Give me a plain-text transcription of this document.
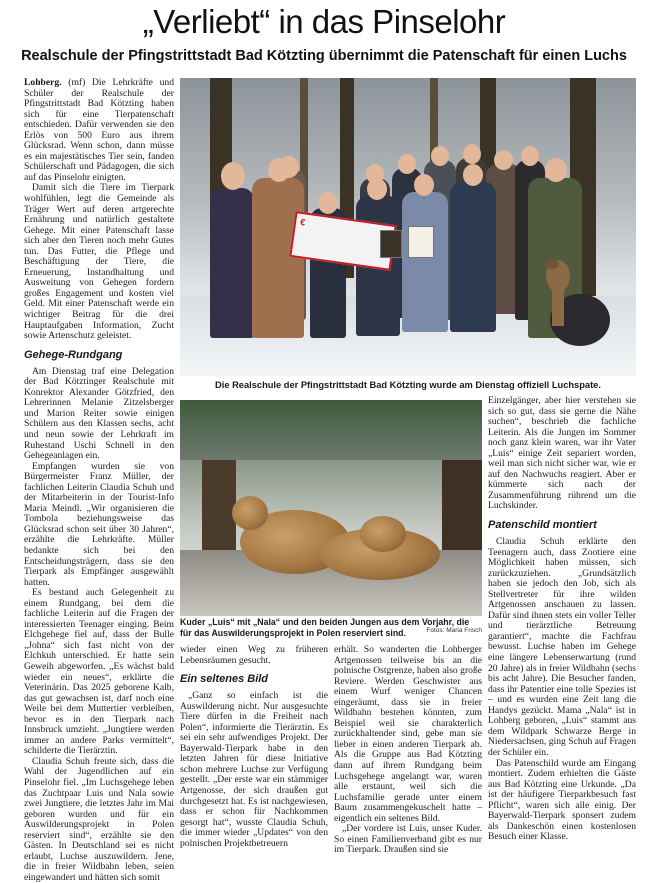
„Verliebt“ in das Pinselohr
Realschule der Pfingstrittstadt Bad Kötzting übernimmt die Patenschaft für einen Luchs

Lohberg. (mf) Die Lehrkräfte und Schüler der Realschule der Pfingstrittstadt Bad Kötzting haben sich für eine Tierpatenschaft entschieden. Dafür verwenden sie den Erlös von 500 Euro aus ihrem Glücksrad. Wenn schon, dann müsse es ein majestätisches Tier sein, fanden Schülerschaft und Pädagogen, die sich auf das Pinselohr einigten.

Damit sich die Tiere im Tierpark wohlfühlen, legt die Gemeinde als Träger Wert auf deren artgerechte Ernährung und natürlich gestaltete Gehege. Mit einer Patenschaft lasse sich aber den Tieren noch mehr Gutes tun. Das Futter, die Pflege und Beschäftigung der Tiere, die Erneuerung, Instandhaltung und Ausweitung von Gehegen fordern großes Engagement und kosten viel Geld. Mit einer Patenschaft werde ein wichtiger Beitrag für die drei Hauptaufgaben Information, Zucht sowie Artenschutz geleistet.

Gehege-Rundgang

Am Dienstag traf eine Delegation der Bad Kötztinger Realschule mit Konrektor Alexander Götzfried, den Lehrerinnen Melanie Zitzelsberger und Marion Reiter sowie einigen Schülern aus den Klassen sechs, acht und neun sowie der Lehrkraft im Ruhestand Uschi Schnell in den Gehegeanlagen ein.

Empfangen wurden sie von Bürgermeister Franz Müller, der fachlichen Leiterin Claudia Schuh und der Mitarbeiterin in der Tourist-Info Maria Meindl. „Wir organisieren die Tombola beziehungsweise das Glücksrad schon seit über 30 Jahren“, erzählte die Lehrkräfte. Müller bedankte sich bei den Entscheidungsträgern, dass sie den Tierpark als Empfänger ausgewählt hatten.

Es bestand auch Gelegenheit zu einem Rundgang, bei dem die fachliche Leiterin auf die Fragen der interessierten Teenager einging. Beim Elchgehege fiel auf, dass der Bulle „Johna“ sich fast nicht von der Elchkuh unterschied. Er hatte sein Geweih abgeworfen. „Es wächst bald wieder ein neues“, erklärte die Veterinärin. Das 2025 geborene Kalb, das gut gewachsen ist, darf noch eine Weile bei dem Muttertier verbleiben, bevor es in den Tierpark nach Innsbruck umzieht. „Jungtiere werden immer an andere Parks vermittelt“, schilderte die Tierärztin.

Claudia Schuh freute sich, dass die Wahl der Jugendlichen auf ein Pinselohr fiel. „Im Luchsgehege leben das Zuchtpaar Luis und Nala sowie zwei Jungtiere, die letztes Jahr im Mai geboren wurden und für ein Auswilderungsprojekt in Polen reserviert sind“, erzählte sie den Gästen. In Deutschland sei es nicht erlaubt, Luchse auszuwildern. Jene, die in freier Wildbahn leben, seien eingewandert und hätten sich somit

€
Die Realschule der Pfingstrittstadt Bad Kötzting wurde am Dienstag offiziell Luchspate.
Kuder „Luis“ mit „Nala“ und den beiden Jungen aus dem Vorjahr, die für das Auswilderungsprojekt in Polen reserviert sind.	Fotos: Maria Frisch

wieder einen Weg zu früheren Lebensräumen gesucht.

Ein seltenes Bild

„Ganz so einfach ist die Auswilderung nicht. Nur ausgesuchte Tiere dürfen in die Freiheit nach Polen“, informierte die Tierärztin. Es sei ein sehr aufwendiges Projekt. Der Bayerwald-Tierpark habe in den letzten Jahren für diese Initiative schon mehrere Luchse zur Verfügung gestellt. „Der erste war ein stämmiger Artgenosse, der sich draußen gut durchgesetzt hat. Es ist nachgewiesen, dass er schon für Nachkommen gesorgt hat“, wusste Claudia Schuh, die immer wieder „Updates“ von den polnischen Projektbetreuern

erhält. So wanderten die Lohberger Artgenossen teilweise bis an die polnische Ostgrenze, haben also große Reviere. Werden Geschwister aus einem Wurf weniger Chancen eingeräumt, dass sie in freier Wildbahn bestehen könnten, zum Beispiel weil sie charakterlich zurückhaltender sind, gebe man sie lieber in einen anderen Tierpark ab. Als die Gruppe aus Bad Kötzting dann auf ihrem Rundgang beim Luchsgehege angelangt war, waren alle erstaunt, weil sich die Luchsfamilie gerade unter einem Baum zusammengekuschelt hatte – eigentlich ein seltenes Bild.

„Der vordere ist Luis, unser Kuder. So einen Familienverband gibt es nur im Tierpark. Draußen sind sie

Einzelgänger, aber hier verstehen sie sich so gut, dass sie gerne die Nähe suchen“, beschrieb die fachliche Leiterin. Als die Jungen im Sommer noch ganz klein waren, war ihr Vater „Luis“ einige Zeit separiert worden, weil man sich nicht sicher war, wie er auf den Nachwuchs reagiert. Aber er kümmerte sich nach der Zusammenführung rührend um die Luchskinder.

Patenschild montiert

Claudia Schuh erklärte den Teenagern auch, dass Zootiere eine Möglichkeit haben müssen, sich zurückzuziehen. „Grundsätzlich haben sie jedoch den Job, sich als Stellvertreter für ihre wilden Artgenossen anschauen zu lassen. Dafür sind ihnen stets ein voller Teller und tierärztliche Betreuung garantiert“, machte die Fachfrau bewusst. Luchse haben im Gehege eine längere Lebenserwartung (rund 20 Jahre) als in freier Wildbahn (sechs bis acht Jahre). Die Besucher fanden, dass ihr Patentier eine tolle Spezies ist – und es wurden eine Zeit lang die Handys gezückt. Mama „Nala“ ist in Lohberg geboren, „Luis“ stammt aus dem Wildpark Schwarze Berge in Niedersachsen, ging Schuh auf Fragen der Schüler ein.

Das Patenschild wurde am Eingang montiert. Zudem erhielten die Gäste aus Bad Kötzting eine Urkunde. „Da ist der häufigere Tierparkbesuch fast Pflicht“, waren sich alle einig. Der Bayerwald-Tierpark sponsert zudem als Dankeschön einen kostenlosen Besuch einer Klasse.
